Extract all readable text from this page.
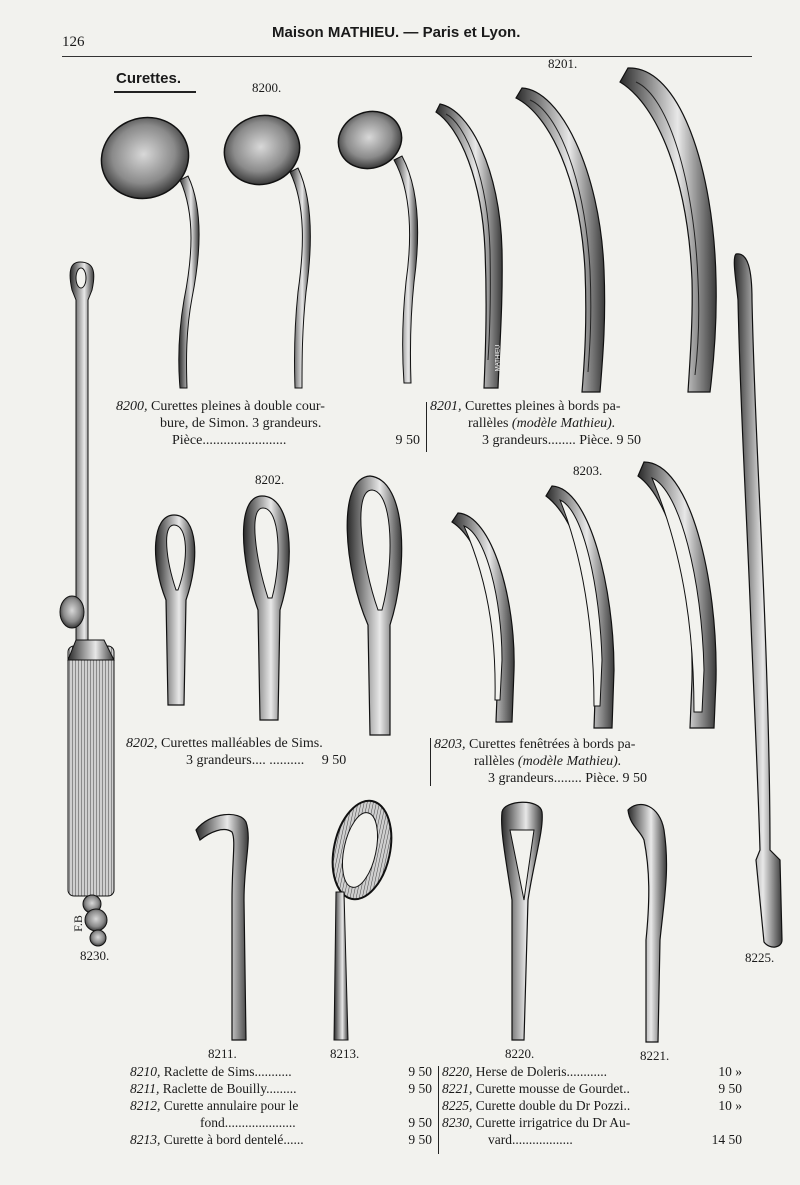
126
Maison MATHIEU. — Paris et Lyon.
Curettes.
8200.
8201.
8202.
8203.
8230.	8225.
8211.	8213.	8220.	8221.
MATHIEU
F.B
8200, Curettes pleines à double cour-
bure, de Simon. 3 grandeurs.
Pièce........................	9 50
8201, Curettes pleines à bords pa-
rallèles (modèle Mathieu).
3 grandeurs........ Pièce. 9 50
8202, Curettes malléables de Sims.
3 grandeurs.... .......... 9 50
8203, Curettes fenêtrées à bords pa-
rallèles (modèle Mathieu).
3 grandeurs........ Pièce. 9 50
8210, Raclette de Sims...........	9 50
8211, Raclette de Bouilly.........	9 50
8212, Curette annulaire pour le
fond.....................	9 50
8213, Curette à bord dentelé......	9 50
8220, Herse de Doleris............	10 »
8221, Curette mousse de Gourdet..	9 50
8225, Curette double du Dr Pozzi..	10 »
8230, Curette irrigatrice du Dr Au-
vard..................	14 50
